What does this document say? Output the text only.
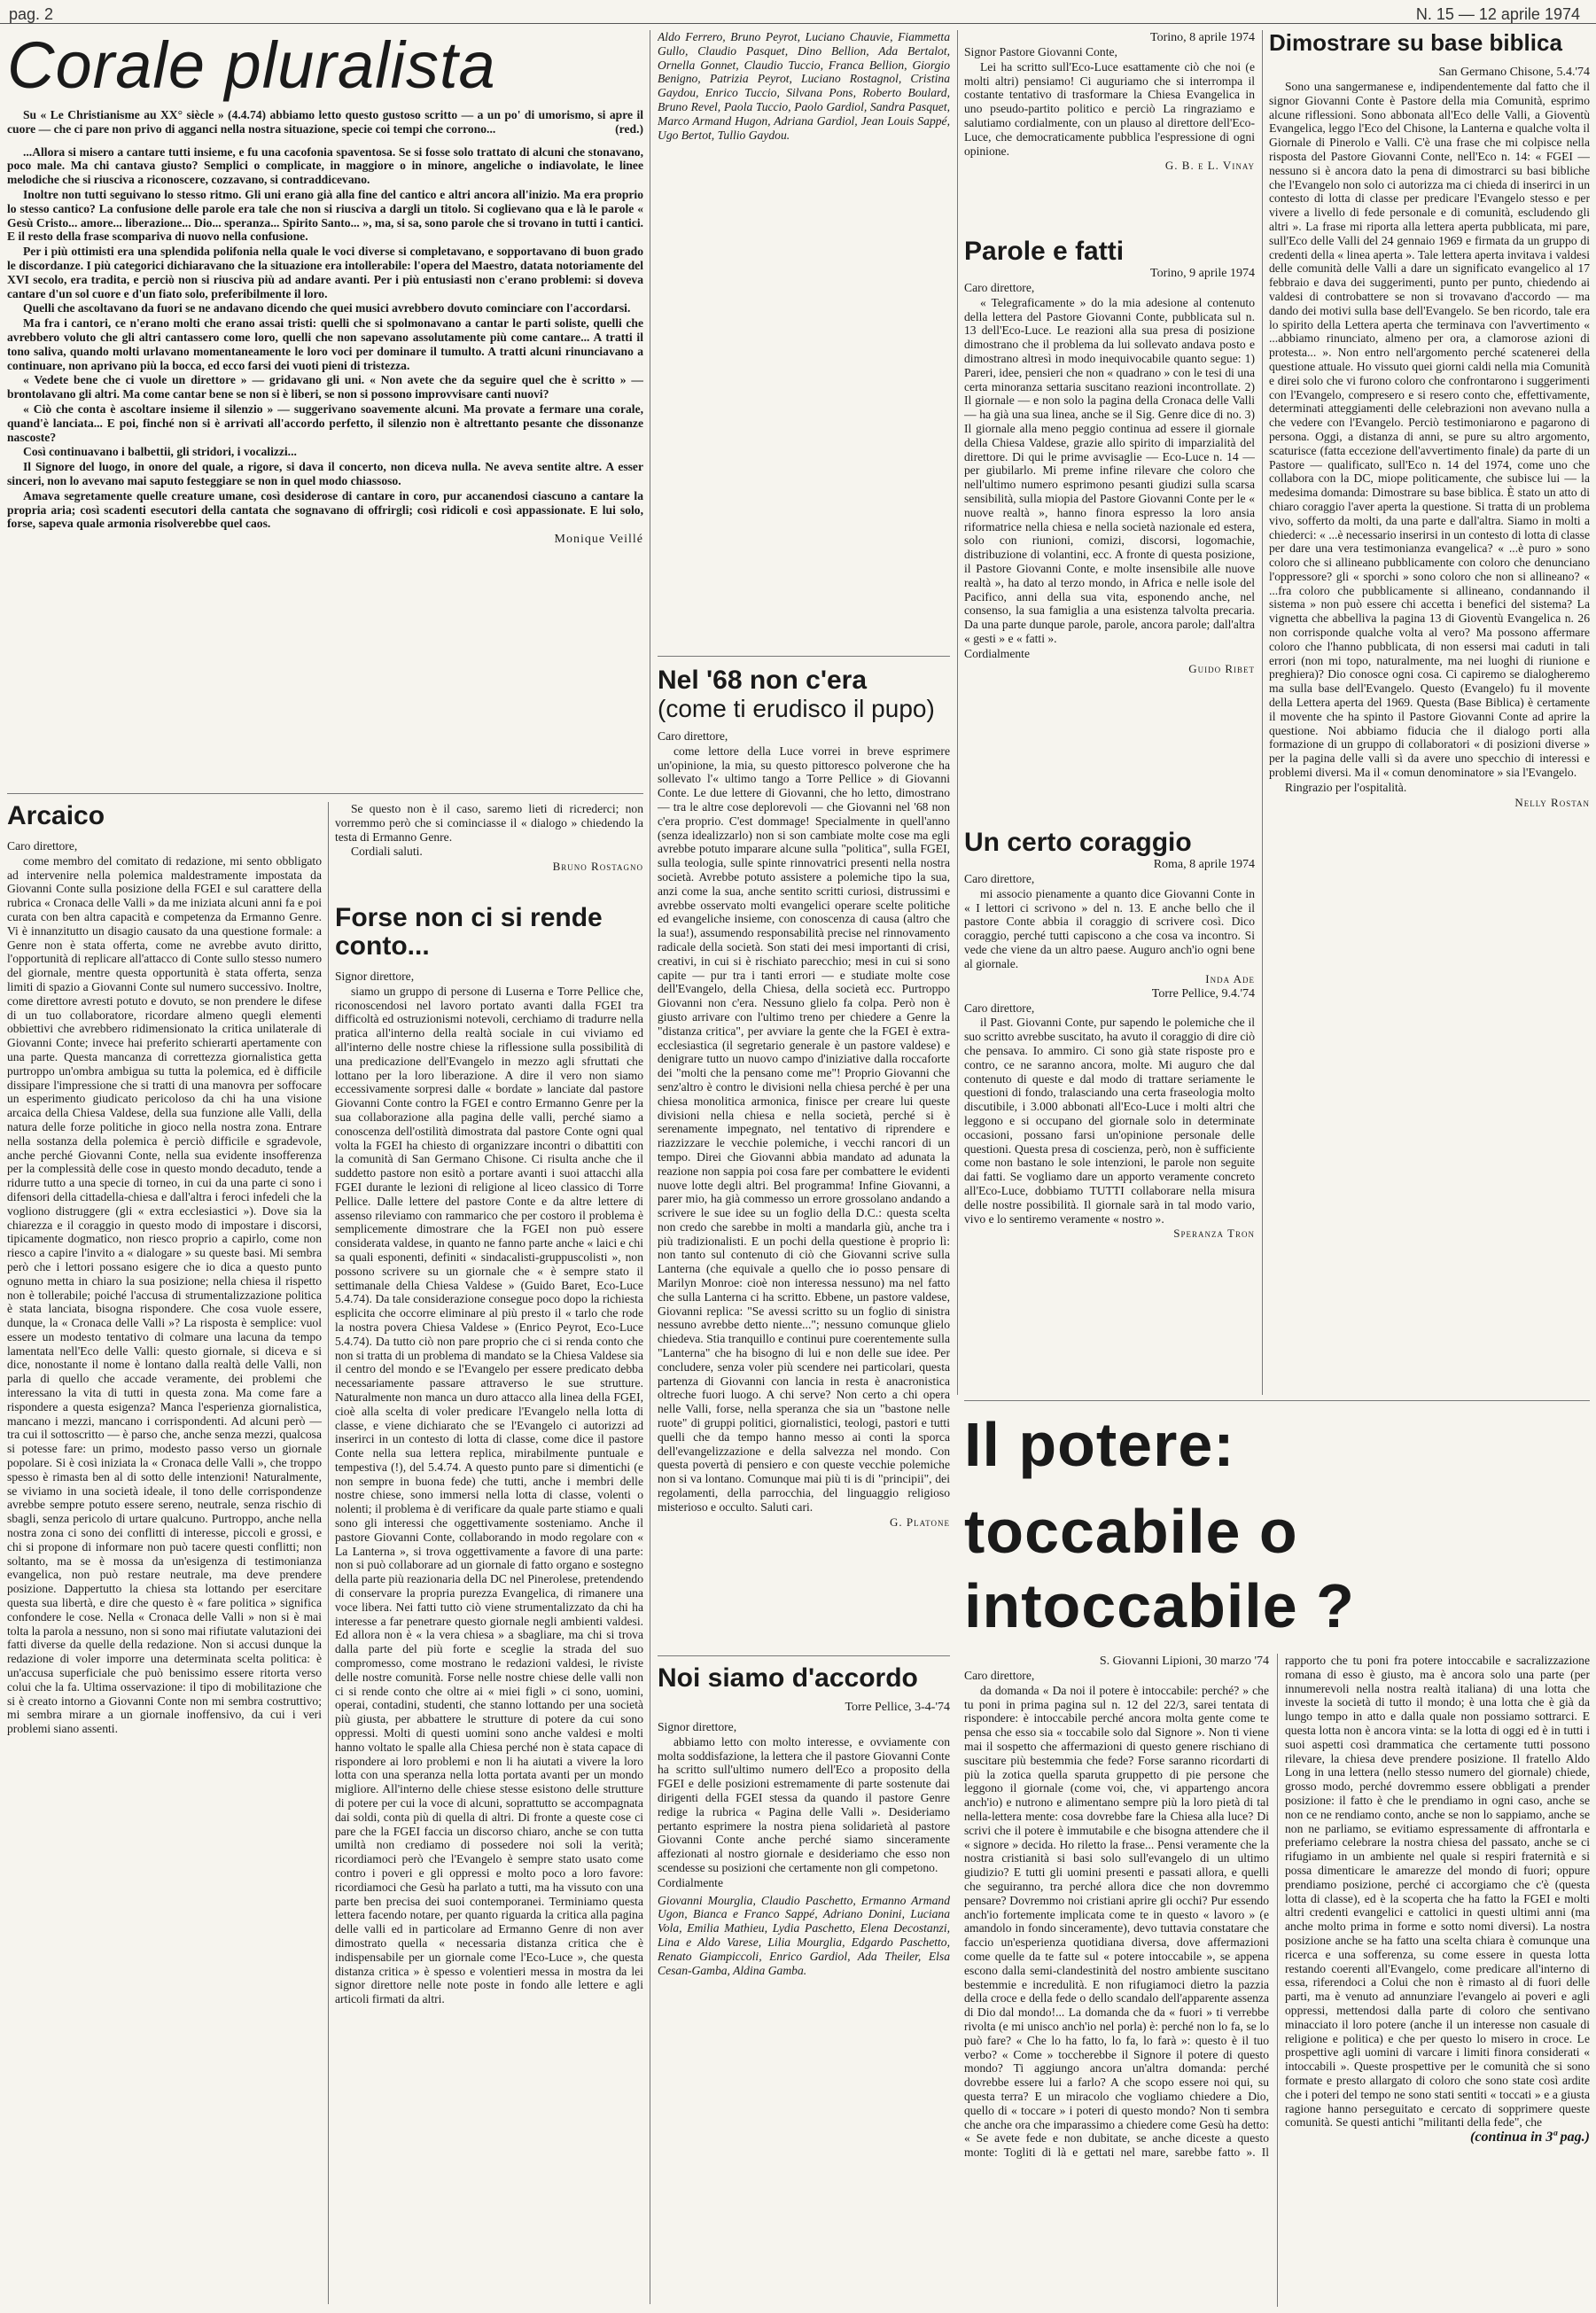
pag. 2	N. 15 — 12 aprile 1974
Corale pluralista

Su « Le Christianisme au XX° siècle » (4.4.74) abbiamo letto questo gustoso scritto — a un po' di umorismo, si apre il cuore — che ci pare non privo di agganci nella nostra situazione, specie coi tempi che corrono...	(red.)

...Allora si misero a cantare tutti insieme, e fu una cacofonia spaventosa. Se si fosse solo trattato di alcuni che stonavano, poco male. Ma chi cantava giusto? Semplici o complicate, in maggiore o in minore, angeliche o indiavolate, le linee melodiche che si riusciva a riconoscere, cozzavano, si contraddicevano.

Inoltre non tutti seguivano lo stesso ritmo. Gli uni erano già alla fine del cantico e altri ancora all'inizio. Ma era proprio lo stesso cantico? La confusione delle parole era tale che non si riusciva a dargli un titolo. Si coglievano qua e là le parole « Gesù Cristo... amore... liberazione... Dio... speranza... Spirito Santo... », ma, si sa, sono parole che si trovano in tutti i cantici. E il resto della frase scompariva di nuovo nella confusione.

Per i più ottimisti era una splendida polifonia nella quale le voci diverse si completavano, e sopportavano di buon grado le discordanze. I più categorici dichiaravano che la situazione era intollerabile: l'opera del Maestro, datata notoriamente del XVI secolo, era tradita, e perciò non si riusciva più ad andare avanti. Per i più entusiasti non c'erano problemi: si doveva cantare d'un sol cuore e d'un fiato solo, preferibilmente il loro.

Quelli che ascoltavano da fuori se ne andavano dicendo che quei musici avrebbero dovuto cominciare con l'accordarsi.

Ma fra i cantori, ce n'erano molti che erano assai tristi: quelli che si spolmonavano a cantar le parti soliste, quelli che avrebbero voluto che gli altri cantassero come loro, quelli che non sapevano assolutamente più come cantare... A tratti il tono saliva, quando molti urlavano momentaneamente le loro voci per dominare il tumulto. A tratti alcuni rinunciavano a continuare, non aprivano più la bocca, ed ecco farsi dei vuoti pieni di tristezza.

« Vedete bene che ci vuole un direttore » — gridavano gli uni. « Non avete che da seguire quel che è scritto » — brontolavano gli altri. Ma come cantar bene se non si è liberi, se non si possono improvvisare canti nuovi?

« Ciò che conta è ascoltare insieme il silenzio » — suggerivano soavemente alcuni. Ma provate a fermare una corale, quand'è lanciata... E poi, finché non si è arrivati all'accordo perfetto, il silenzio non è altrettanto pesante che dissonanze nascoste?

Così continuavano i balbettii, gli stridori, i vocalizzi...

Il Signore del luogo, in onore del quale, a rigore, si dava il concerto, non diceva nulla. Ne aveva sentite altre. A esser sinceri, non lo avevano mai saputo festeggiare se non in quel modo chiassoso.

Amava segretamente quelle creature umane, così desiderose di cantare in coro, pur accanendosi ciascuno a cantare la propria aria; così scadenti esecutori della cantata che sognavano di offrirgli; così ridicoli e così appassionate. E lui solo, forse, sapeva quale armonia risolverebbe quel caos.

Monique Veillé
Arcaico

Caro direttore,

come membro del comitato di redazione, mi sento obbligato ad intervenire nella polemica maldestramente impostata da Giovanni Conte sulla posizione della FGEI e sul carattere della rubrica « Cronaca delle Valli » da me iniziata alcuni anni fa e poi curata con ben altra capacità e competenza da Ermanno Genre. Vi è innanzitutto un disagio causato da una questione formale: a Genre non è stata offerta, come ne avrebbe avuto diritto, l'opportunità di replicare all'attacco di Conte sullo stesso numero del giornale, mentre questa opportunità è stata offerta, senza limiti di spazio a Giovanni Conte sul numero successivo. Inoltre, come direttore avresti potuto e dovuto, se non prendere le difese di un tuo collaboratore, ricordare almeno quegli elementi obbiettivi che avrebbero ridimensionato la critica unilaterale di Giovanni Conte; invece hai preferito schierarti apertamente con una parte. Questa mancanza di correttezza giornalistica getta purtroppo un'ombra ambigua su tutta la polemica, ed è difficile dissipare l'impressione che si tratti di una manovra per soffocare un esperimento giudicato pericoloso da chi ha una visione arcaica della Chiesa Valdese, della sua funzione alle Valli, della natura delle forze politiche in gioco nella nostra zona. Entrare nella sostanza della polemica è perciò difficile e sgradevole, anche perché Giovanni Conte, nella sua evidente insofferenza per la complessità delle cose in questo mondo decaduto, tende a ridurre tutto a una specie di torneo, in cui da una parte ci sono i difensori della cittadella-chiesa e dall'altra i feroci infedeli che la vogliono distruggere (gli « extra ecclesiastici »). Dove sia la chiarezza e il coraggio in questo modo di impostare i discorsi, tipicamente dogmatico, non riesco proprio a capirlo, come non riesco a capire l'invito a « dialogare » su queste basi. Mi sembra però che i lettori possano esigere che io dica a questo punto ognuno metta in chiaro la sua posizione; nella chiesa il rispetto non è tollerabile; poiché l'accusa di strumentalizzazione politica è stata lanciata, bisogna rispondere. Che cosa vuole essere, dunque, la « Cronaca delle Valli »? La risposta è semplice: vuol essere un modesto tentativo di colmare una lacuna da tempo lamentata nell'Eco delle Valli: questo giornale, si diceva e si dice, nonostante il nome è lontano dalla realtà delle Valli, non parla di quello che accade veramente, dei problemi che interessano la vita di tutti in questa zona. Ma come fare a rispondere a questa esigenza? Manca l'esperienza giornalistica, mancano i mezzi, mancano i corrispondenti. Ad alcuni però — tra cui il sottoscritto — è parso che, anche senza mezzi, qualcosa si potesse fare: un primo, modesto passo verso un giornale popolare. Si è così iniziata la « Cronaca delle Valli », che troppo spesso è rimasta ben al di sotto delle intenzioni! Naturalmente, se viviamo in una società ideale, il tono delle corrispondenze avrebbe sempre potuto essere sereno, neutrale, senza rischio di sbagli, senza pericolo di urtare qualcuno. Purtroppo, anche nella nostra zona ci sono dei conflitti di interesse, piccoli e grossi, e chi si propone di informare non può tacere questi conflitti; non soltanto, ma se è mossa da un'esigenza di testimonianza evangelica, non può restare neutrale, ma deve prendere posizione. Dappertutto la chiesa sta lottando per esercitare questa sua libertà, e dire che questo è « fare politica » significa confondere le cose. Nella « Cronaca delle Valli » non si è mai tolta la parola a nessuno, non si sono mai rifiutate valutazioni dei fatti diverse da quelle della redazione. Non si accusi dunque la redazione di voler imporre una determinata scelta politica: è un'accusa superficiale che può benissimo essere ritorta verso colui che la fa. Ultima osservazione: il tipo di mobilitazione che si è creato intorno a Giovanni Conte non mi sembra costruttivo; mi sembra mirare a un giornale inoffensivo, da cui i veri problemi siano assenti.

Se questo non è il caso, saremo lieti di ricrederci; non vorremmo però che si cominciasse il « dialogo » chiedendo la testa di Ermanno Genre.

Cordiali saluti.

Bruno Rostagno
Forse non ci si rende conto...

Signor direttore,

siamo un gruppo di persone di Luserna e Torre Pellice che, riconoscendosi nel lavoro portato avanti dalla FGEI tra difficoltà ed ostruzionismi notevoli, cerchiamo di tradurre nella pratica all'interno della realtà sociale in cui viviamo ed all'interno delle nostre chiese la riflessione sulla possibilità di una predicazione dell'Evangelo in mezzo agli sfruttati che lottano per la loro liberazione. A dire il vero non siamo eccessivamente sorpresi dalle « bordate » lanciate dal pastore Giovanni Conte contro la FGEI e contro Ermanno Genre per la sua collaborazione alla pagina delle valli, perché siamo a conoscenza dell'ostilità dimostrata dal pastore Conte ogni qual volta la FGEI ha chiesto di organizzare incontri o dibattiti con la comunità di San Germano Chisone. Ci risulta anche che il suddetto pastore non esitò a portare avanti i suoi attacchi alla FGEI durante le lezioni di religione al liceo classico di Torre Pellice. Dalle lettere del pastore Conte e da altre lettere di assenso rileviamo con rammarico che per costoro il problema è semplicemente dimostrare che la FGEI non può essere considerata valdese, in quanto ne fanno parte anche « laici e chi sa quali esponenti, definiti « sindacalisti-gruppuscolisti », non possono scrivere su un giornale che « è sempre stato il settimanale della Chiesa Valdese » (Guido Baret, Eco-Luce 5.4.74). Da tale considerazione consegue poco dopo la richiesta esplicita che occorre eliminare al più presto il « tarlo che rode la nostra povera Chiesa Valdese » (Enrico Peyrot, Eco-Luce 5.4.74). Da tutto ciò non pare proprio che ci si renda conto che non si tratta di un problema di mandato se la Chiesa Valdese sia il centro del mondo e se l'Evangelo per essere predicato debba necessariamente passare attraverso le sue strutture. Naturalmente non manca un duro attacco alla linea della FGEI, cioè alla scelta di voler predicare l'Evangelo nella lotta di classe, e viene dichiarato che se l'Evangelo ci autorizzi ad inserirci in un contesto di lotta di classe, come dice il pastore Conte nella sua lettera replica, mirabilmente puntuale e tempestiva (!), del 5.4.74. A questo punto pare si dimentichi (e non sempre in buona fede) che tutti, anche i membri delle nostre chiese, sono immersi nella lotta di classe, volenti o nolenti; il problema è di verificare da quale parte stiamo e quali sono gli interessi che oggettivamente sosteniamo. Anche il pastore Giovanni Conte, collaborando in modo regolare con « La Lanterna », si trova oggettivamente a favore di una parte: non si può collaborare ad un giornale di fatto organo e sostegno della parte più reazionaria della DC nel Pinerolese, pretendendo di conservare la propria purezza Evangelica, di rimanere una voce libera. Nei fatti tutto ciò viene strumentalizzato da chi ha interesse a far penetrare questo giornale negli ambienti valdesi. Ed allora non è « la vera chiesa » a sbagliare, ma chi si trova dalla parte del più forte e sceglie la strada del suo compromesso, come mostrano le redazioni valdesi, le riviste delle nostre comunità. Forse nelle nostre chiese delle valli non ci si rende conto che oltre ai « miei figli » ci sono, uomini, operai, contadini, studenti, che stanno lottando per una società più giusta, per abbattere le strutture di potere da cui sono oppressi. Molti di questi uomini sono anche valdesi e molti hanno voltato le spalle alla Chiesa perché non è stata capace di rispondere ai loro problemi e non li ha aiutati a vivere la loro lotta con una speranza nella lotta portata avanti per un mondo migliore. All'interno delle chiese stesse esistono delle strutture di potere per cui la voce di alcuni, soprattutto se accompagnata dai soldi, conta più di quella di altri. Di fronte a queste cose ci pare che la FGEI faccia un discorso chiaro, anche se con tutta umiltà non crediamo di possedere noi soli la verità; ricordiamoci però che l'Evangelo è sempre stato usato come contro i poveri e gli oppressi e molto poco a loro favore: ricordiamoci che Gesù ha parlato a tutti, ma ha vissuto con una parte ben precisa dei suoi contemporanei. Terminiamo questa lettera facendo notare, per quanto riguarda la critica alla pagina delle valli ed in particolare ad Ermanno Genre di non aver dimostrato quella « necessaria distanza critica che è indispensabile per un giornale come l'Eco-Luce », che questa distanza critica » è spesso e volentieri messa in mostra da lei signor direttore nelle note poste in fondo alle lettere e agli articoli firmati da altri.

Aldo Ferrero, Bruno Peyrot, Luciano Chauvie, Fiammetta Gullo, Claudio Pasquet, Dino Bellion, Ada Bertalot, Ornella Gonnet, Claudio Tuccio, Franca Bellion, Giorgio Benigno, Patrizia Peyrot, Luciano Rostagnol, Cristina Gaydou, Enrico Tuccio, Silvana Pons, Roberto Boulard, Bruno Revel, Paola Tuccio, Paolo Gardiol, Sandra Pasquet, Marco Armand Hugon, Adriana Gardiol, Jean Louis Sappé, Ugo Bertot, Tullio Gaydou.
Nel '68 non c'era
(come ti erudisco il pupo)

Caro direttore,

come lettore della Luce vorrei in breve esprimere un'opinione, la mia, su questo pittoresco polverone che ha sollevato l'« ultimo tango a Torre Pellice » di Giovanni Conte. Le due lettere di Giovanni, che ho letto, dimostrano — tra le altre cose deplorevoli — che Giovanni nel '68 non c'era proprio. C'est dommage! Specialmente in quell'anno (senza idealizzarlo) non si son cambiate molte cose ma egli avrebbe potuto imparare alcune sulla "politica", sulla FGEI, sulla teologia, sulle spinte rinnovatrici presenti nella nostra società. Avrebbe potuto assistere a polemiche tipo la sua, anzi come la sua, anche sentito scritti curiosi, distrussimi e avrebbe osservato molti evangelici operare scelte politiche ed evangeliche insieme, con conoscenza di causa (altro che la sua!), assumendo responsabilità precise nel rinnovamento radicale della società. Son stati dei mesi importanti di crisi, creativi, in cui si è rischiato parecchio; mesi in cui si sono capite — pur tra i tanti errori — e studiate molte cose dell'Evangelo, della Chiesa, della società ecc. Purtroppo Giovanni non c'era. Nessuno glielo fa colpa. Però non è giusto arrivare con l'ultimo treno per chiedere a Genre la "distanza critica", per avviare la gente che la FGEI è extra-ecclesiastica (il segretario generale è un pastore valdese) e denigrare tutto un nuovo campo d'iniziative dalla roccaforte dei "molti che la pensano come me"! Proprio Giovanni che senz'altro è contro le divisioni nella chiesa perché è per una chiesa monolitica armonica, finisce per creare lui queste divisioni nella chiesa e nella società, perché si è serenamente impegnato, nel tentativo di riprendere e riazzizzare le vecchie polemiche, i vecchi rancori di un tempo. Direi che Giovanni abbia mandato ad adunata la reazione non sappia poi cosa fare per combattere le evidenti nuove lotte degli altri. Bel programma! Infine Giovanni, a parer mio, ha già commesso un errore grossolano andando a scrivere le sue idee su un foglio della D.C.: questa scelta non credo che sarebbe in molti a mandarla giù, anche tra i più tradizionalisti. E un pochi della questione è proprio lì: non tanto sul contenuto di ciò che Giovanni scrive sulla Lanterna (che equivale a quello che io posso pensare di Marilyn Monroe: cioè non interessa nessuno) ma nel fatto che sulla Lanterna ci ha scritto. Ebbene, un pastore valdese, Giovanni replica: "Se avessi scritto su un foglio di sinistra nessuno avrebbe detto niente..."; nessuno comunque glielo chiedeva. Stia tranquillo e continui pure coerentemente sulla "Lanterna" che ha bisogno di lui e non delle sue idee. Per concludere, senza voler più scendere nei particolari, questa partenza di Giovanni con lancia in resta è anacronistica oltreche fuori luogo. A chi serve? Non certo a chi opera nelle Valli, forse, nella speranza che sia un "bastone nelle ruote" di gruppi politici, giornalistici, teologi, pastori e tutti quelli che da tempo hanno messo ai conti la sporca dell'evangelizzazione e della salvezza nel mondo. Con questa povertà di pensiero e con queste vecchie polemiche non si va lontano. Comunque mai più ti is di "principii", dei regolamenti, della parrocchia, del linguaggio religioso misterioso e occulto. Saluti cari.

G. Platone
Noi siamo d'accordo
Torre Pellice, 3-4-'74

Signor direttore,

abbiamo letto con molto interesse, e ovviamente con molta soddisfazione, la lettera che il pastore Giovanni Conte ha scritto sull'ultimo numero dell'Eco a proposito della FGEI e delle posizioni estremamente di parte sostenute dai dirigenti della FGEI stessa da quando il pastore Genre redige la rubrica « Pagina delle Valli ». Desideriamo pertanto esprimere la nostra piena solidarietà al pastore Giovanni Conte anche perché siamo sinceramente affezionati al nostro giornale e desideriamo che esso non scendesse su posizioni che certamente non gli competono.

Cordialmente

Giovanni Mourglia, Claudio Paschetto, Ermanno Armand Ugon, Bianca e Franco Sappé, Adriano Donini, Luciana Vola, Emilia Mathieu, Lydia Paschetto, Elena Decostanzi, Lina e Aldo Varese, Lilia Mourglia, Edgardo Paschetto, Renato Giampiccoli, Enrico Gardiol, Ada Theiler, Elsa Cesan-Gamba, Aldina Gamba.
Torino, 8 aprile 1974

Signor Pastore Giovanni Conte,

Lei ha scritto sull'Eco-Luce esattamente ciò che noi (e molti altri) pensiamo! Ci auguriamo che si interrompa il costante tentativo di trasformare la Chiesa Evangelica in uno pseudo-partito politico e perciò La ringraziamo e salutiamo cordialmente, con un plauso al direttore dell'Eco-Luce, che democraticamente pubblica l'espressione di ogni opinione.

G. B. e L. Vinay
Parole e fatti
Torino, 9 aprile 1974

Caro direttore,

« Telegraficamente » do la mia adesione al contenuto della lettera del Pastore Giovanni Conte, pubblicata sul n. 13 dell'Eco-Luce. Le reazioni alla sua presa di posizione dimostrano che il problema da lui sollevato andava posto e dimostrano altresì in modo inequivocabile quanto segue: 1) Pareri, idee, pensieri che non « quadrano » con le tesi di una certa minoranza settaria suscitano reazioni incontrollate. 2) Il giornale — e non solo la pagina della Cronaca delle Valli — ha già una sua linea, anche se il Sig. Genre dice di no. 3) Il giornale alla meno peggio continua ad essere il giornale della Chiesa Valdese, grazie allo spirito di imparzialità del direttore. Di qui le prime avvisaglie — Eco-Luce n. 14 — per giubilarlo. Mi preme infine rilevare che coloro che nell'ultimo numero esprimono pesanti giudizi sulla scarsa sensibilità, sulla miopia del Pastore Giovanni Conte per le « nuove realtà », hanno finora espresso la loro ansia riformatrice nella chiesa e nella società nazionale ed estera, solo con riunioni, comizi, discorsi, logomachie, distribuzione di volantini, ecc. A fronte di questa posizione, il Pastore Giovanni Conte, e molte insensibile alle nuove realtà », ha dato al terzo mondo, in Africa e nelle isole del Pacifico, anni della sua vita, esponendo anche, nel consenso, la sua famiglia a una esistenza talvolta precaria. Da una parte dunque parole, parole, ancora parole; dall'altra « gesti » e « fatti ».

Cordialmente

Guido Ribet
Un certo coraggio
Roma, 8 aprile 1974

Caro direttore,

mi associo pienamente a quanto dice Giovanni Conte in « I lettori ci scrivono » del n. 13. E anche bello che il pastore Conte abbia il coraggio di scrivere così. Dico coraggio, perché tutti capiscono a che cosa va incontro. Si vede che viene da un altro paese. Auguro anch'io ogni bene al giornale.

Inda Ade
Torre Pellice, 9.4.'74

Caro direttore,

il Past. Giovanni Conte, pur sapendo le polemiche che il suo scritto avrebbe suscitato, ha avuto il coraggio di dire ciò che pensava. Io ammiro. Ci sono già state risposte pro e contro, ce ne saranno ancora, molte. Mi auguro che dal contenuto di queste e dal modo di trattare seriamente le questioni di fondo, tralasciando una certa fraseologia molto discutibile, i 3.000 abbonati all'Eco-Luce i molti altri che leggono e si occupano del giornale solo in determinate occasioni, possano farsi un'opinione personale delle questioni. Questa presa di coscienza, però, non è sufficiente come non bastano le sole intenzioni, le parole non seguite dai fatti. Se vogliamo dare un apporto veramente concreto all'Eco-Luce, dobbiamo TUTTI collaborare nella misura delle nostre possibilità. Il giornale sarà in tal modo vario, vivo e lo sentiremo veramente « nostro ».

Speranza Tron
Dimostrare su base biblica
San Germano Chisone, 5.4.'74

Sono una sangermanese e, indipendentemente dal fatto che il signor Giovanni Conte è Pastore della mia Comunità, esprimo alcune riflessioni. Sono abbonata all'Eco delle Valli, a Gioventù Evangelica, leggo l'Eco del Chisone, la Lanterna e qualche volta il Giornale di Pinerolo e Valli. C'è una frase che mi colpisce nella risposta del Pastore Giovanni Conte, nell'Eco n. 14: « FGEI — nessuno si è ancora dato la pena di dimostrarci su basi bibliche che l'Evangelo non solo ci autorizza ma ci chieda di inserirci in un contesto di lotta di classe per predicare l'Evangelo stesso e per vivere a livello di fede personale e di comunità, escludendo gli altri ». La frase mi riporta alla lettera aperta pubblicata, mi pare, sull'Eco delle Valli del 24 gennaio 1969 e firmata da un gruppo di credenti della « linea aperta ». Tale lettera aperta invitava i valdesi delle comunità delle Valli a dare un significato evangelico al 17 febbraio e dava dei suggerimenti, punto per punto, chiedendo ai valdesi di controbattere se non si trovavano d'accordo — ma dando dei motivi sulla base dell'Evangelo. Se ben ricordo, tale era lo spirito della Lettera aperta che terminava con l'avvertimento « ...abbiamo rinunciato, almeno per ora, a clamorose azioni di protesta... ». Non entro nell'argomento perché scatenerei della questione attuale. Ho vissuto quei giorni caldi nella mia Comunità e direi solo che vi furono coloro che confrontarono i suggerimenti con l'Evangelo, compresero e si resero conto che, effettivamente, determinati atteggiamenti delle celebrazioni non avevano nulla a che vedere con l'Evangelo. Perciò testimoniarono e pagarono di persona. Oggi, a distanza di anni, se pure su altro argomento, scaturisce (fatta eccezione dell'avvertimento finale) da parte di un Pastore — qualificato, sull'Eco n. 14 del 1974, come uno che collabora con la DC, miope politicamente, che subisce lui — la medesima domanda: Dimostrare su base biblica. È stato un atto di chiaro coraggio l'aver aperta la questione. Si tratta di un problema vivo, sofferto da molti, da una parte e dall'altra. Siamo in molti a chiederci: « ...è necessario inserirsi in un contesto di lotta di classe per dare una vera testimonianza evangelica? « ...è puro » sono coloro che si allineano pubblicamente con coloro che denunciano l'oppressore? gli « sporchi » sono coloro che non si allineano? « ...fra coloro che pubblicamente si allineano, condannando il sistema » non può essere chi accetta i benefici del sistema? La vignetta che abbelliva la pagina 13 di Gioventù Evangelica n. 26 non corrisponde qualche volta al vero? Ma possono affermare coloro che l'hanno pubblicata, di non essersi mai caduti in tali errori (non mi topo, naturalmente, ma nei luoghi di riunione e preghiera)? Dio conosce ogni cosa. Ci capiremo se dialogheremo ma sulla base dell'Evangelo. Questo (Evangelo) fu il movente della Lettera aperta del 1969. Questa (Base Biblica) è certamente il movente che ha spinto il Pastore Giovanni Conte ad aprire la questione. Noi abbiamo fiducia che il dialogo porti alla formazione di un gruppo di collaboratori « di posizioni diverse » per la pagina delle valli sì da avere uno specchio di interessi e problemi diversi. Ma il « comun denominatore » sia l'Evangelo.

Ringrazio per l'ospitalità.

Nelly Rostan
Il potere:
toccabile o intoccabile ?
S. Giovanni Lipioni, 30 marzo '74

Caro direttore,

da domanda « Da noi il potere è intoccabile: perché? » che tu poni in prima pagina sul n. 12 del 22/3, sarei tentata di rispondere: è intoccabile perché ancora molta gente come te pensa che esso sia « toccabile solo dal Signore ». Non ti viene mai il sospetto che affermazioni di questo genere rischiano di suscitare più bestemmia che fede? Forse saranno ricordarti di più la zotica quella sparuta gruppetto di pie persone che leggono il giornale (come voi, che, vi appartengo ancora anch'io) e nutrono e alimentano sempre più la loro pietà di tal nella-lettera mente: cosa dovrebbe fare la Chiesa alla luce? Di scrivi che il potere è immutabile e che bisogna attendere che il « signore » decida. Ho riletto la frase... Pensi veramente che la nostra cristianità si basi solo sull'evangelo di un ultimo giudizio? E tutti gli uomini presenti e passati allora, e quelli che seguiranno, tra perché allora dice che non dovremmo pensare? Dovremmo noi cristiani aprire gli occhi? Pur essendo anch'io fortemente implicata come te in questo « lavoro » (e amandolo in fondo sinceramente), devo tuttavia constatare che faccio un'esperienza quotidiana diversa, dove affermazioni come quelle da te fatte sul « potere intoccabile », se appena escono dalla semi-clandestinità del nostro ambiente suscitano bestemmie e incredulità. E non rifugiamoci dietro la pazzia della croce e della fede o dello scandalo dell'apparente assenza di Dio dal mondo!... La domanda che da « fuori » ti verrebbe rivolta (e mi unisco anch'io nel porla) è: perché non lo fa, se lo può fare? « Che lo ha fatto, lo fa, lo farà »: questo è il tuo verbo? « Come » toccherebbe il Signore il potere di questo mondo? Ti aggiungo ancora un'altra domanda: perché dovrebbe essere lui a farlo? A che scopo essere noi qui, su questa terra? E un miracolo che vogliamo chiedere a Dio, quello di « toccare » i poteri di questo mondo? Non ti sembra che anche ora che imparassimo a chiedere come Gesù ha detto: « Se avete fede e non dubitate, se anche diceste a questo monte: Togliti di là e gettati nel mare, sarebbe fatto ». Il rapporto che tu poni fra potere intoccabile e sacralizzazione romana di esso è giusto, ma è ancora solo una parte (per innumerevoli nella nostra realtà italiana) di una lotta che investe la società di tutto il mondo; è una lotta che è già da lungo tempo in atto e dalla quale non possiamo sottrarci. E questa lotta non è ancora vinta: se la lotta di oggi ed è in tutti i suoi aspetti così drammatica che certamente tutti possono rilevare, la chiesa deve prendere posizione. Il fratello Aldo Long in una lettera (nello stesso numero del giornale) chiede, grosso modo, perché dovremmo essere obbligati a prender posizione: il fatto è che le prendiamo in ogni caso, anche se non ce ne rendiamo conto, anche se non lo sappiamo, anche se non ne parliamo, se evitiamo espressamente di affrontarla e preferiamo celebrare la nostra chiesa del passato, anche se ci rifugiamo in un ambiente nel quale si respiri fraternità e si possa dimenticare le amarezze del mondo di fuori; oppure prendiamo posizione, perché ci accorgiamo che c'è (questa lotta di classe), ed è la scoperta che ha fatto la FGEI e molti altri credenti evangelici e cattolici in questi ultimi anni (ma anche molto prima in forme e sotto nomi diversi). La nostra posizione anche se ha fatto una scelta chiara è comunque una ricerca e una sofferenza, su come essere in questa lotta restando coerenti all'Evangelo, come predicare all'interno di essa, riferendoci a Colui che non è rimasto al di fuori delle parti, ma è venuto ad annunziare l'evangelo ai poveri e agli oppressi, mettendosi dalla parte di coloro che sentivano minacciato il loro potere (anche il un interesse non casuale di religione e politica) e che per questo lo misero in croce. Le prospettive agli uomini di varcare i limiti finora considerati « intoccabili ». Queste prospettive per le comunità che si sono formate e presto allargato di coloro che sono state così ardite che i poteri del tempo ne sono stati sentiti « toccati » e a giusta ragione hanno perseguitato e cercato di sopprimere queste comunità. Se questi antichi "militanti della fede", che

(continua in 3ª pag.)
